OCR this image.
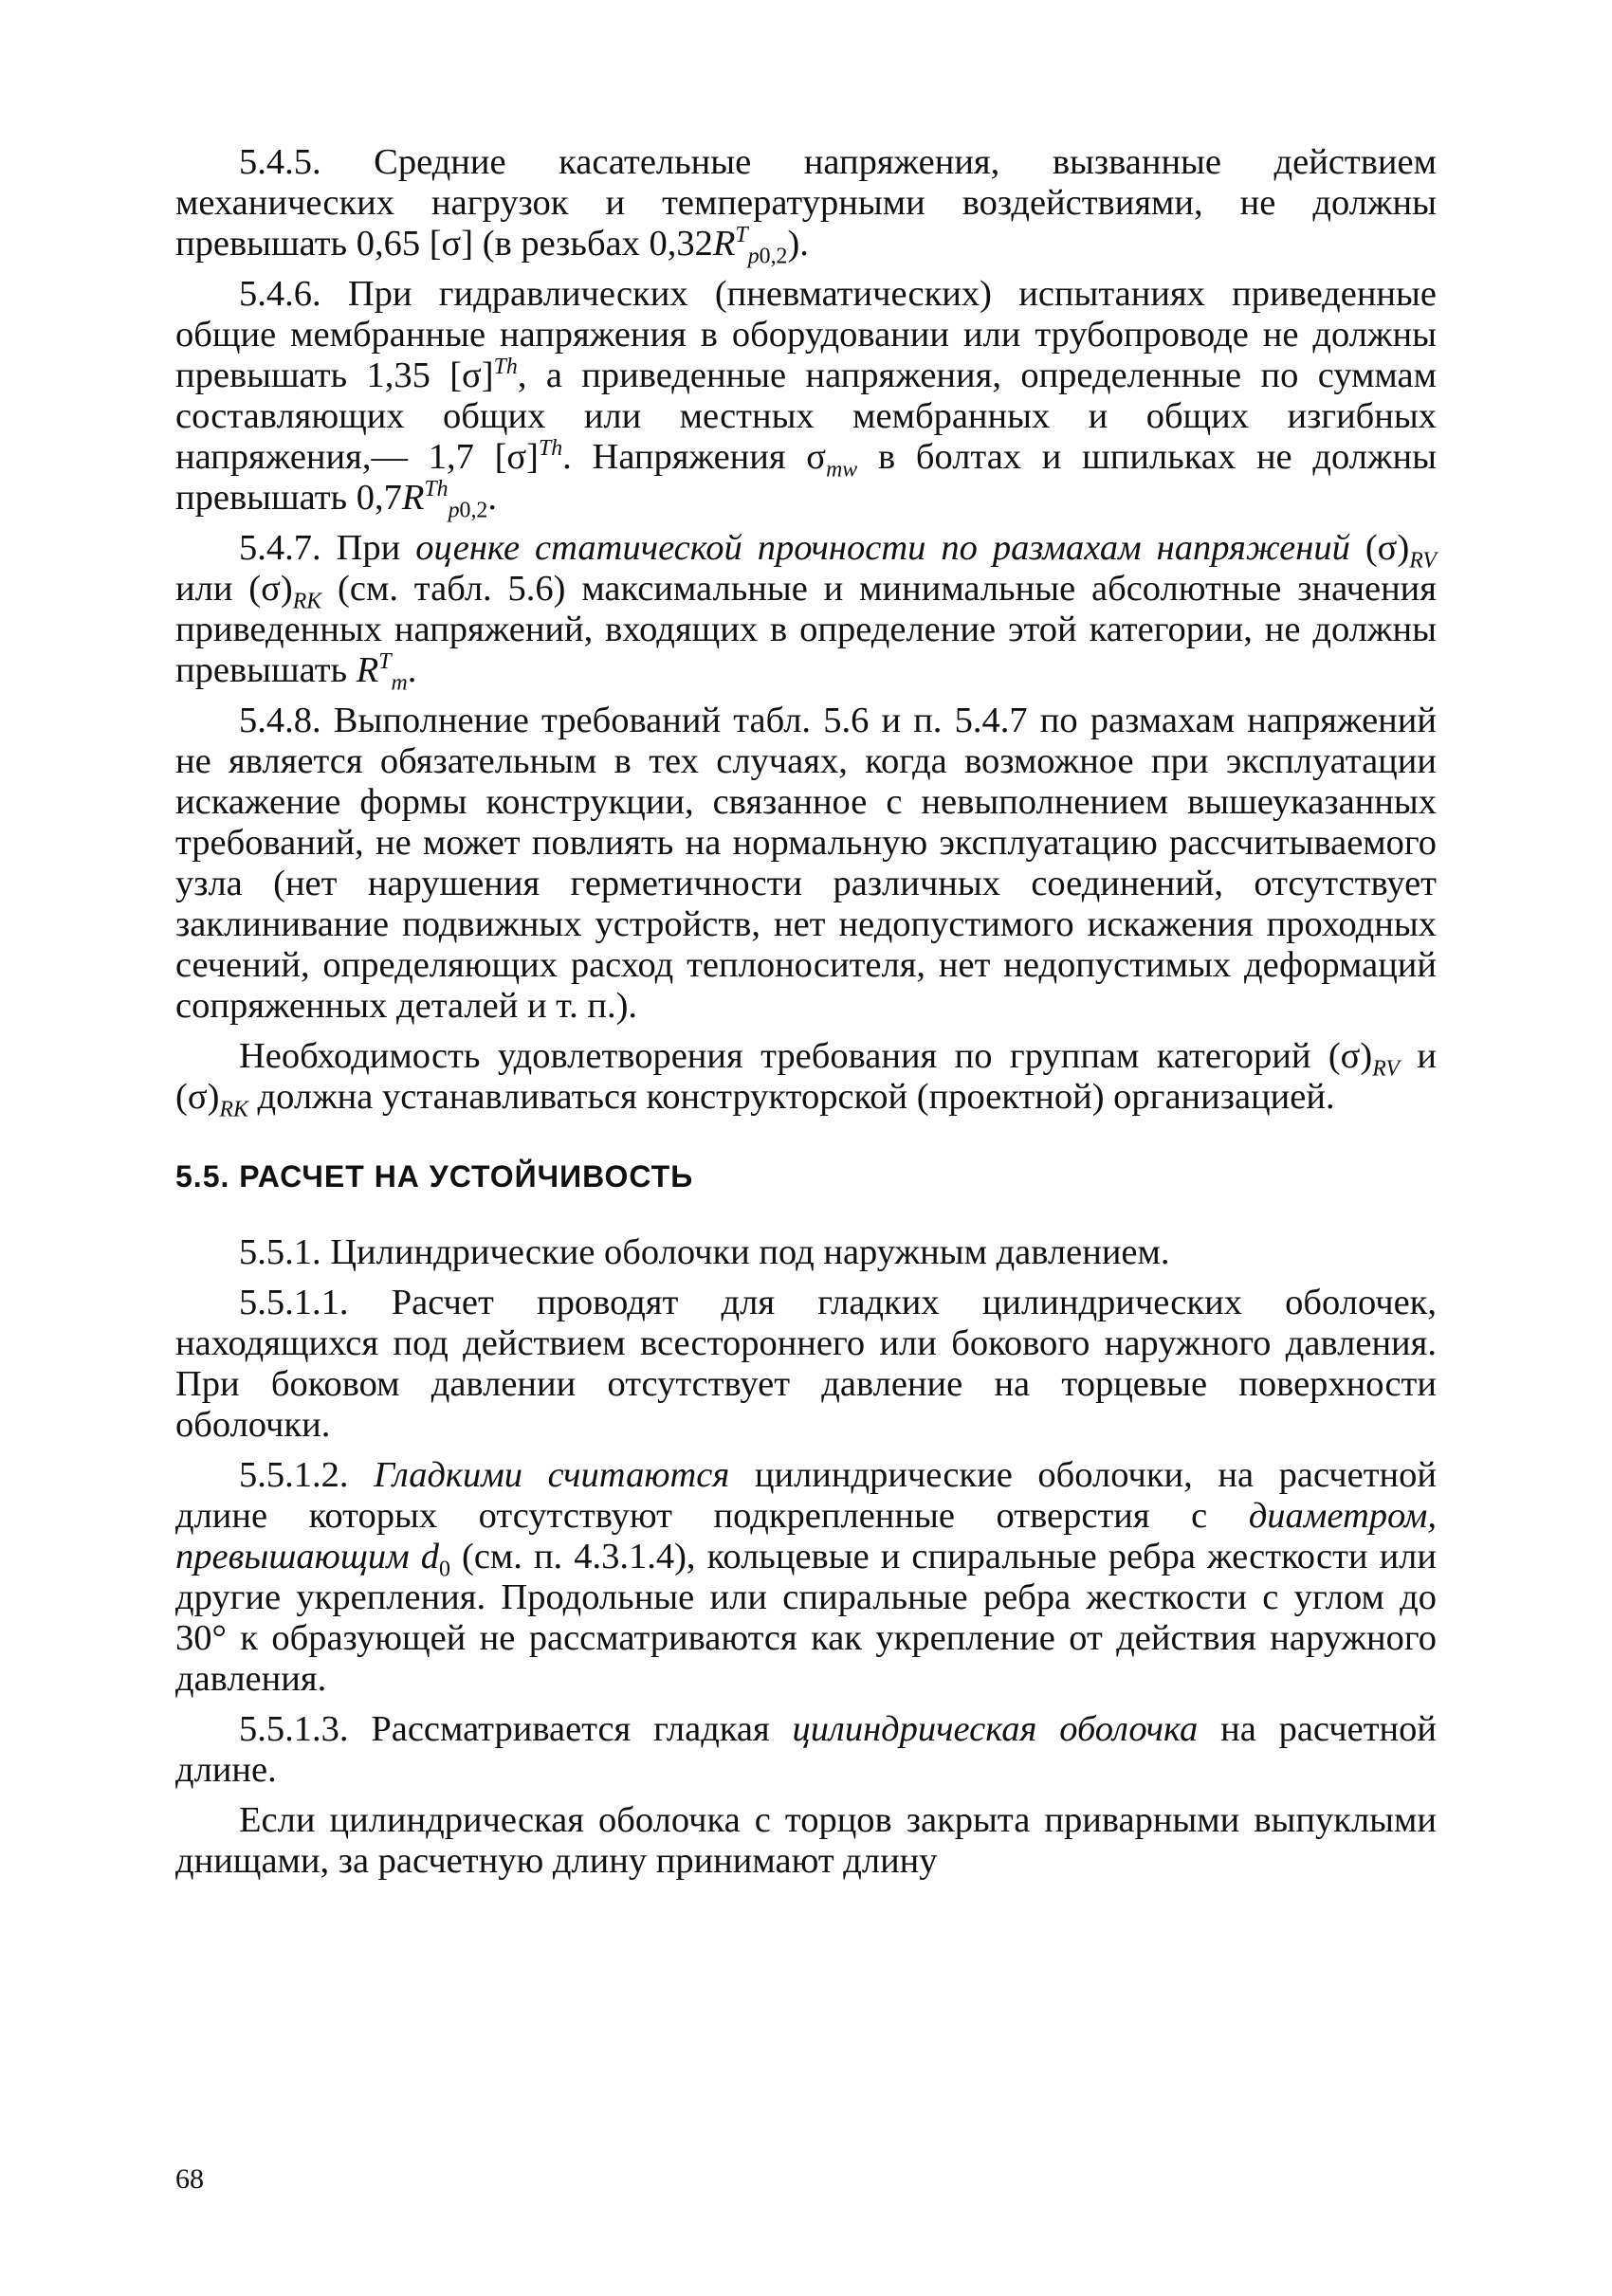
5.4.5. Средние касательные напряжения, вызванные действием механических нагрузок и температурными воздействиями, не должны превышать 0,65 [σ] (в резьбах $0,32R^T_{p0,2}$).

5.4.6. При гидравлических (пневматических) испытаниях приведенные общие мембранные напряжения в оборудовании или трубопроводе не должны превышать 1,35 $[\sigma]^{Th}$, а приведенные напряжения, определенные по суммам составляющих общих или местных мембранных и общих изгибных напряжения,— 1,7 $[\sigma]^{Th}$. Напряжения $\sigma_{mw}$ в болтах и шпильках не должны превышать $0,7R^{Th}_{p0,2}$.

5.4.7. При оценке статической прочности по размахам напряжений $(\sigma)_{RV}$ или $(\sigma)_{RK}$ (см. табл. 5.6) максимальные и минимальные абсолютные значения приведенных напряжений, входящих в определение этой категории, не должны превышать $R^T_m$.

5.4.8. Выполнение требований табл. 5.6 и п. 5.4.7 по размахам напряжений не является обязательным в тех случаях, когда возможное при эксплуатации искажение формы конструкции, связанное с невыполнением вышеуказанных требований, не может повлиять на нормальную эксплуатацию рассчитываемого узла (нет нарушения герметичности различных соединений, отсутствует заклинивание подвижных устройств, нет недопустимого искажения проходных сечений, определяющих расход теплоносителя, нет недопустимых деформаций сопряженных деталей и т. п.).

Необходимость удовлетворения требования по группам категорий $(\sigma)_{RV}$ и $(\sigma)_{RK}$ должна устанавливаться конструкторской (проектной) организацией.

5.5. РАСЧЕТ НА УСТОЙЧИВОСТЬ

5.5.1. Цилиндрические оболочки под наружным давлением.

5.5.1.1. Расчет проводят для гладких цилиндрических оболочек, находящихся под действием всестороннего или бокового наружного давления. При боковом давлении отсутствует давление на торцевые поверхности оболочки.

5.5.1.2. Гладкими считаются цилиндрические оболочки, на расчетной длине которых отсутствуют подкрепленные отверстия с диаметром, превышающим $d_0$ (см. п. 4.3.1.4), кольцевые и спиральные ребра жесткости или другие укрепления. Продольные или спиральные ребра жесткости с углом до 30° к образующей не рассматриваются как укрепление от действия наружного давления.

5.5.1.3. Рассматривается гладкая цилиндрическая оболочка на расчетной длине.

Если цилиндрическая оболочка с торцов закрыта приварными выпуклыми днищами, за расчетную длину принимают длину

68
